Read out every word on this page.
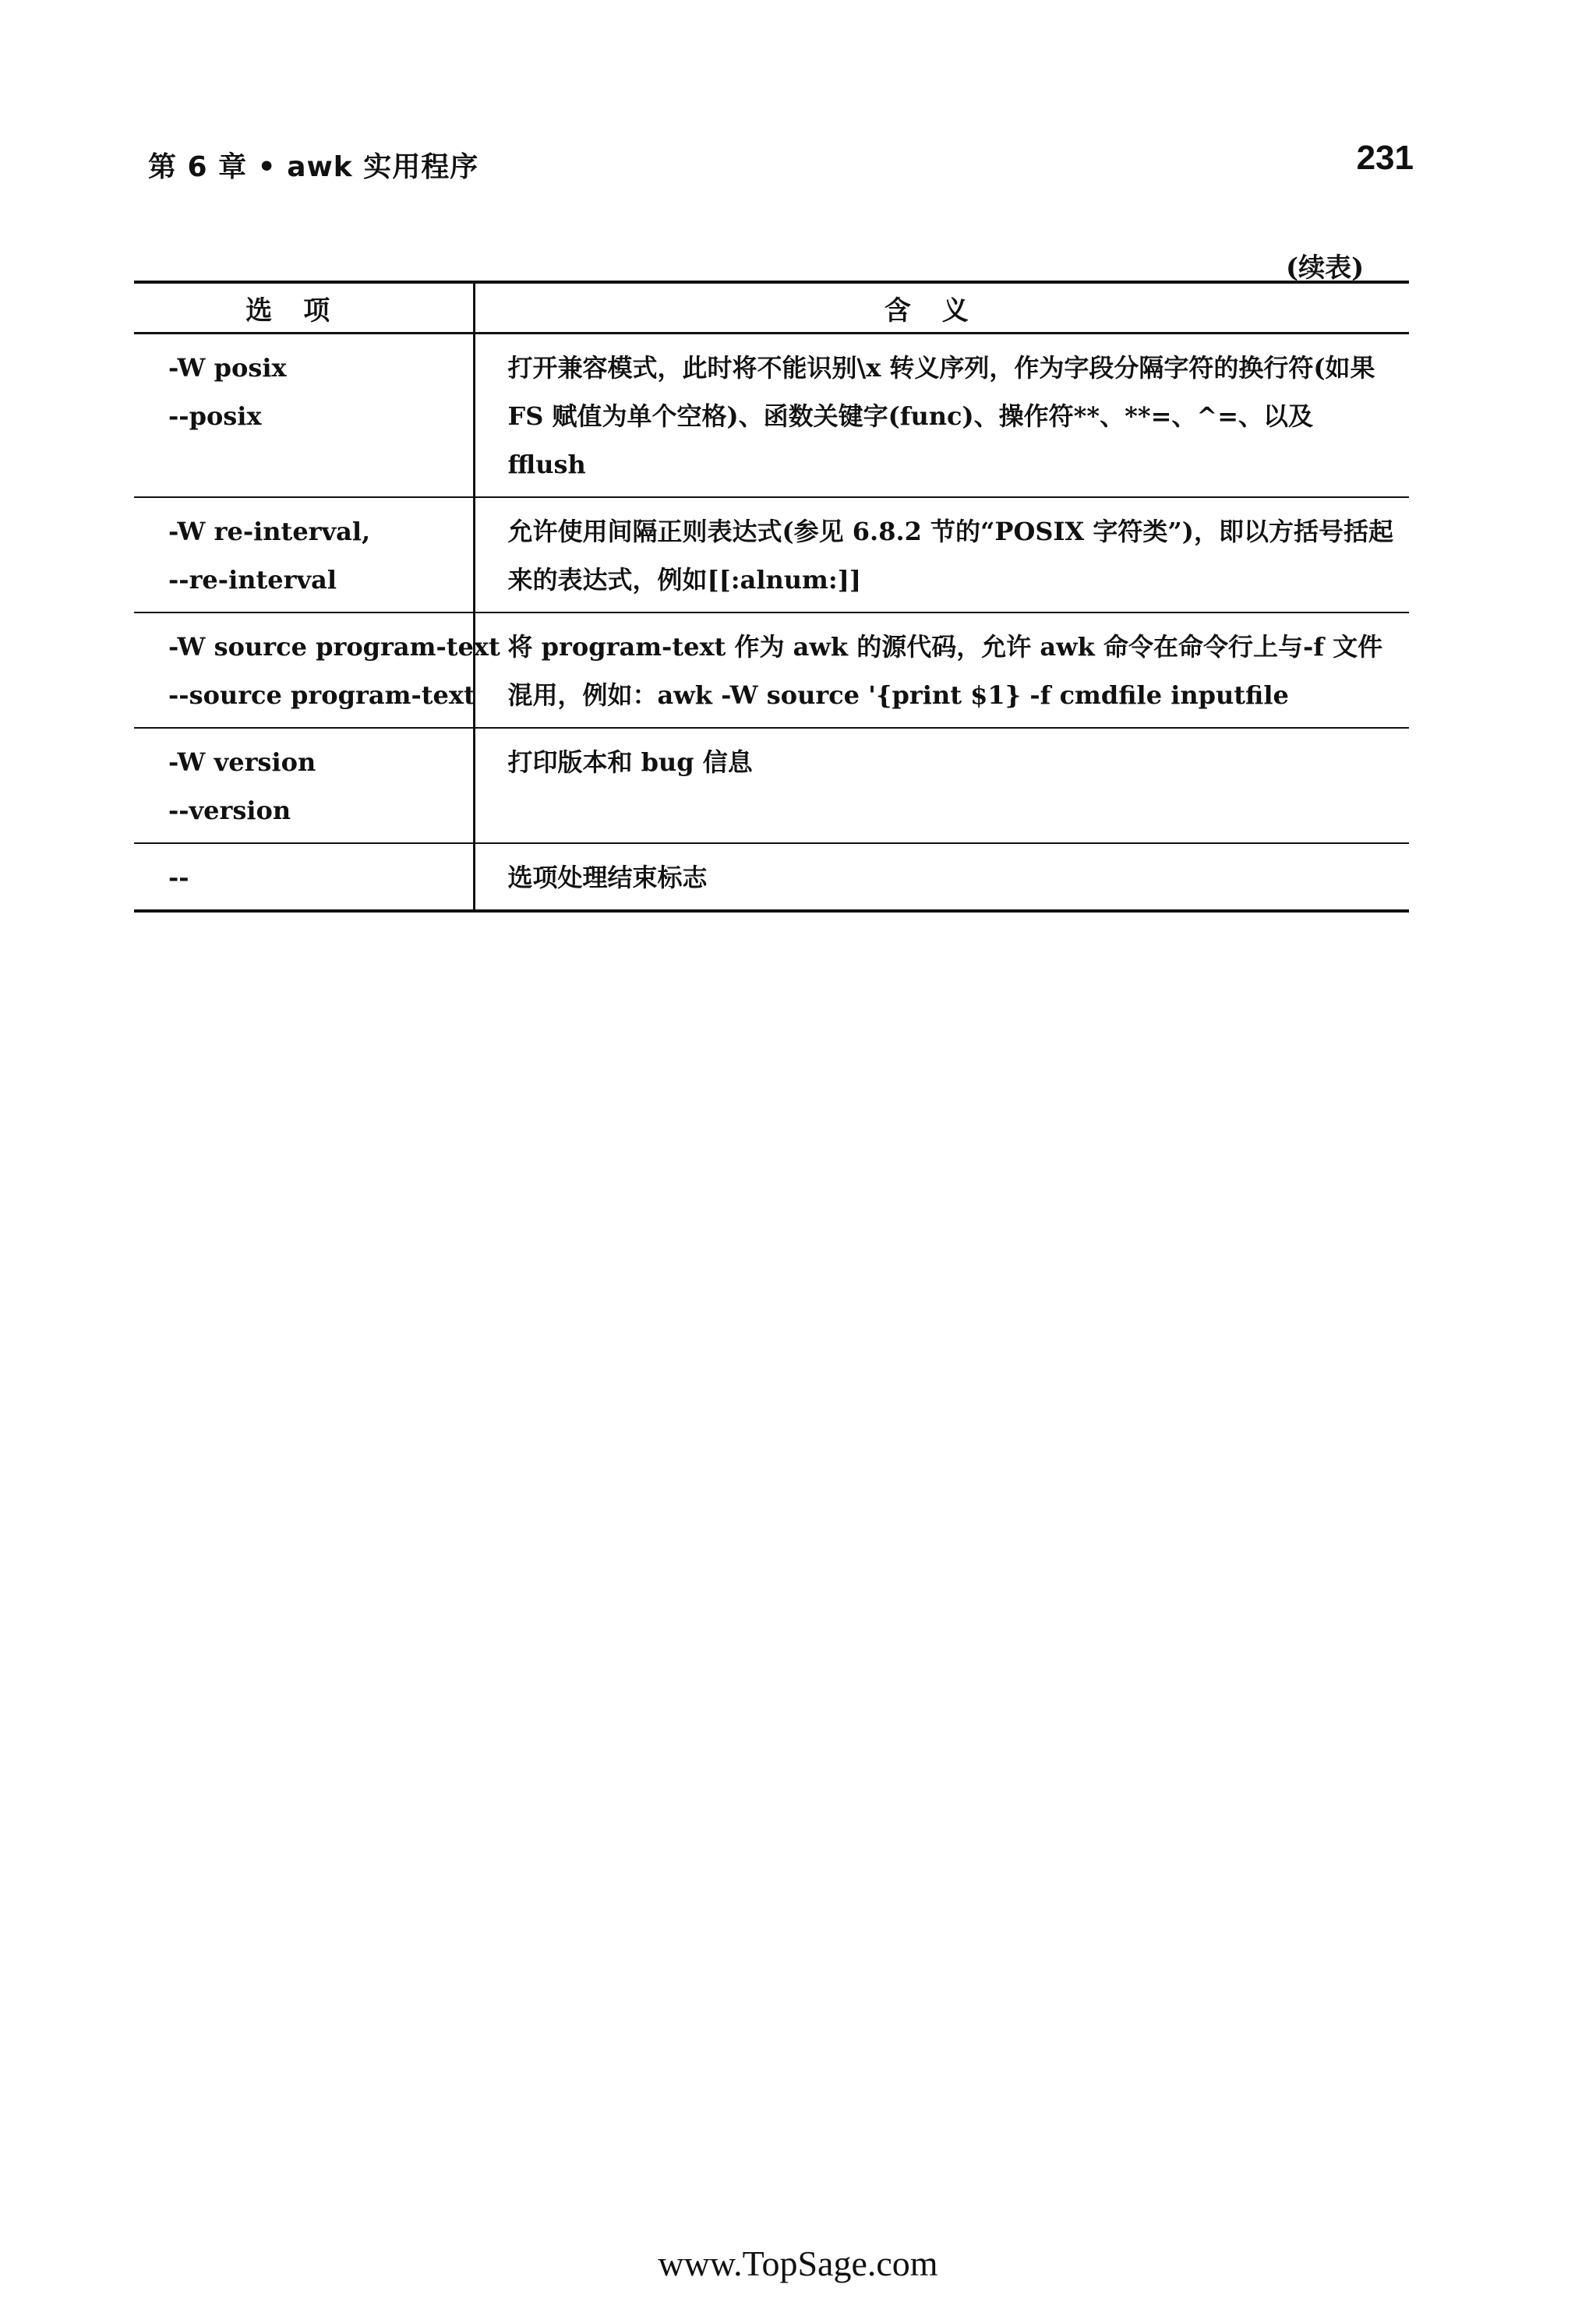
第 6 章 • awk 实用程序	231
(续表)
选项	含义

-W posix
--posix	打开兼容模式，此时将不能识别\x 转义序列，作为字段分隔字符的换行符(如果 FS 赋值为单个空格)、函数关键字(func)、操作符**、**=、^=、以及 fflush

-W re-interval,
--re-interval	允许使用间隔正则表达式(参见 6.8.2 节的“POSIX 字符类”)，即以方括号括起来的表达式，例如[[:alnum:]]

-W source program-text
--source program-text	将 program-text 作为 awk 的源代码，允许 awk 命令在命令行上与-f 文件混用，例如：awk -W source '{print $1} -f cmdfile inputfile

-W version
--version	打印版本和 bug 信息

--	选项处理结束标志
www.TopSage.com
